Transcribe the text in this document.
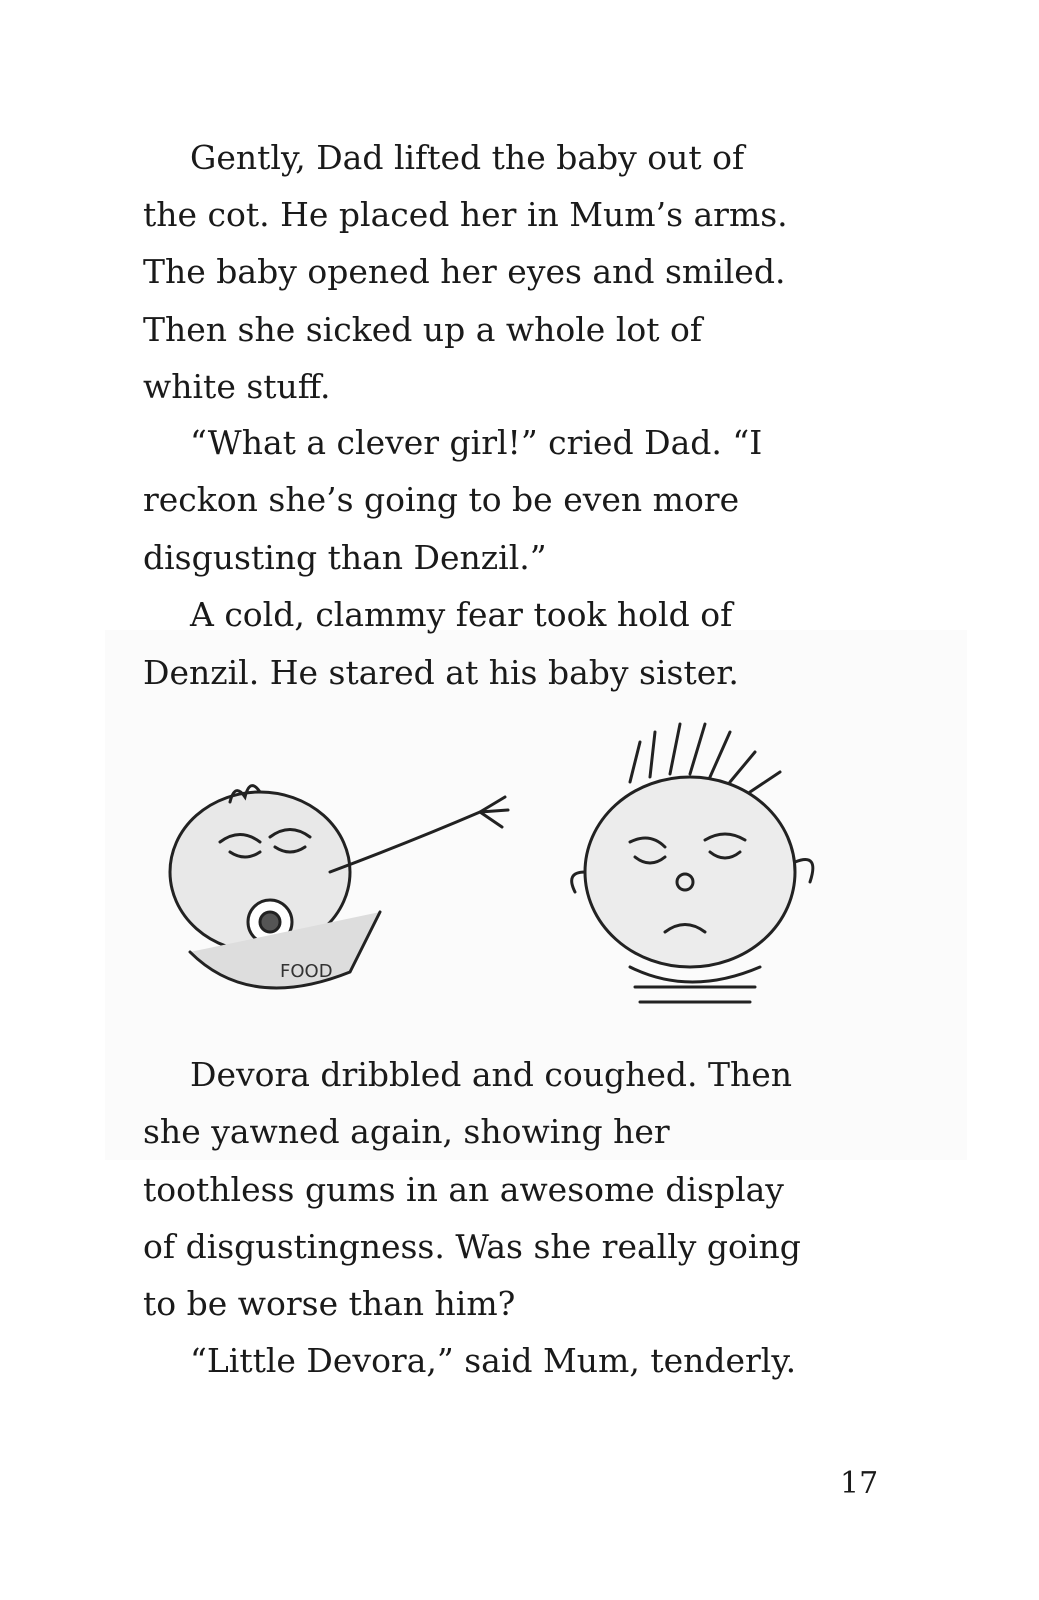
Gently, Dad lifted the baby out of
the cot. He placed her in Mum’s arms.
The baby opened her eyes and smiled.
Then she sicked up a whole lot of
white stuff.
“What a clever girl!” cried Dad. “I
reckon she’s going to be even more
disgusting than Denzil.”
A cold, clammy fear took hold of
Denzil. He stared at his baby sister.
FOOD
Devora dribbled and coughed. Then
she yawned again, showing her
toothless gums in an awesome display
of disgustingness. Was she really going
to be worse than him?
“Little Devora,” said Mum, tenderly.
17
